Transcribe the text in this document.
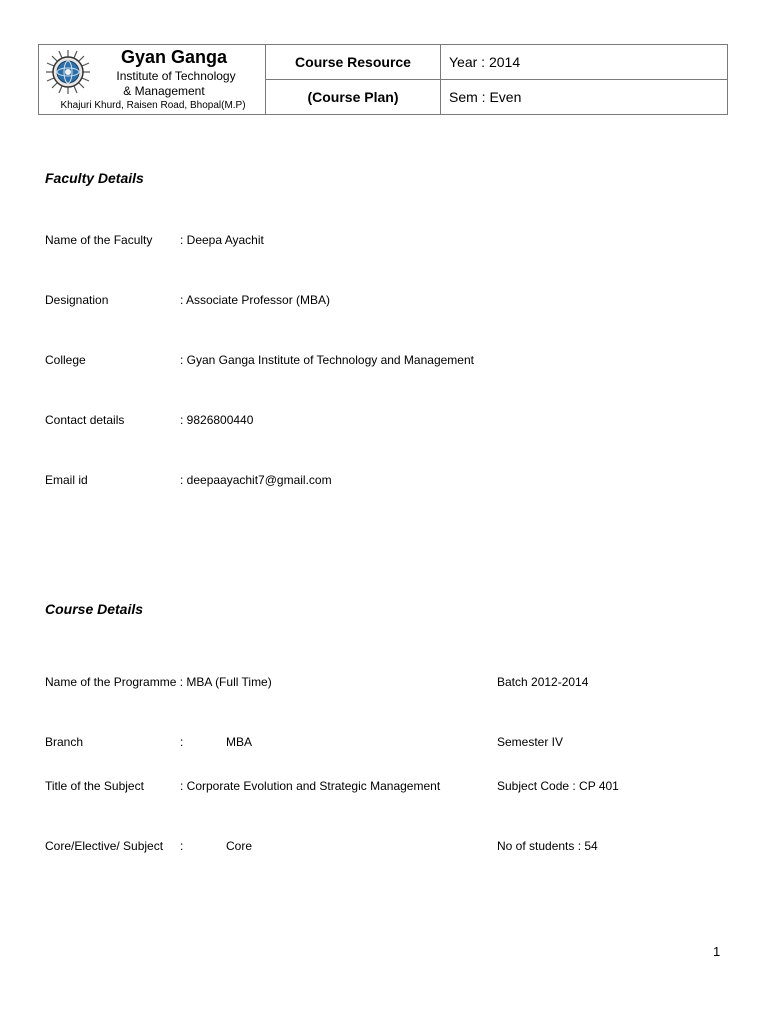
Gyan Ganga
Institute of Technology
& Management
Khajuri Khurd, Raisen Road, Bhopal(M.P)	Course Resource	Year : 2014
	(Course Plan)	Sem : Even
Faculty Details
Name of the Faculty : Deepa Ayachit
Designation	: Associate Professor (MBA)
College	: Gyan Ganga Institute of Technology and Management
Contact details	: 9826800440
Email id	: deepaayachit7@gmail.com
Course Details
Name of the Programme : MBA (Full Time)	Batch 2012-2014
Branch	:	MBA	Semester IV
Title of the Subject	: Corporate Evolution and Strategic Management	Subject Code : CP 401
Core/Elective/ Subject :	Core	No of students : 54
1
